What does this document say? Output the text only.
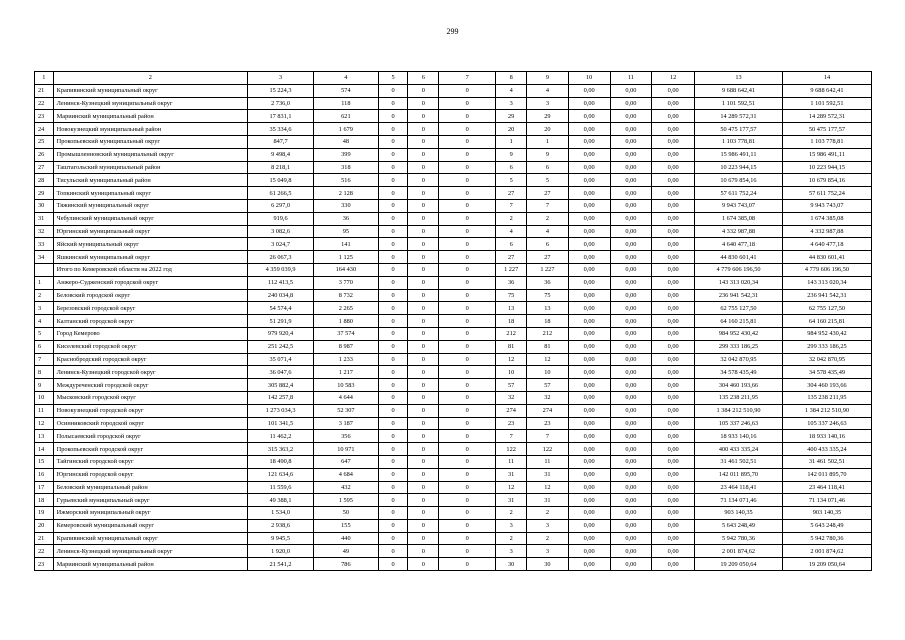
299
1	2	3	4	5	6	7	8	9	10	11	12	13	14
21	Крапивинский муниципальный округ	15 224,3	574	0	0	0	4	4	0,00	0,00	0,00	9 688 642,41	9 688 642,41
22	Ленинск-Кузнецкий муниципальный округ	2 736,0	118	0	0	0	3	3	0,00	0,00	0,00	1 101 592,51	1 101 592,51
23	Мариинский муниципальный район	17 831,1	621	0	0	0	29	29	0,00	0,00	0,00	14 289 572,31	14 289 572,31
24	Новокузнецкий муниципальный район	35 334,6	1 679	0	0	0	20	20	0,00	0,00	0,00	50 475 177,57	50 475 177,57
25	Прокопьевский муниципальный округ	847,7	48	0	0	0	1	1	0,00	0,00	0,00	1 103 778,81	1 103 778,81
26	Промышленновский муниципальный округ	9 498,4	399	0	0	0	9	9	0,00	0,00	0,00	15 986 491,11	15 986 491,11
27	Таштагольский муниципальный район	8 218,1	318	0	0	0	6	6	0,00	0,00	0,00	10 223 944,15	10 223 944,15
28	Тисульский муниципальный район	15 049,8	516	0	0	0	5	5	0,00	0,00	0,00	10 679 854,16	10 679 854,16
29	Топкинский муниципальный округ	61 266,5	2 128	0	0	0	27	27	0,00	0,00	0,00	57 611 752,24	57 611 752,24
30	Тяжинский муниципальный округ	6 297,0	330	0	0	0	7	7	0,00	0,00	0,00	9 943 743,07	9 943 743,07
31	Чебулинский муниципальный округ	919,6	36	0	0	0	2	2	0,00	0,00	0,00	1 674 385,08	1 674 385,08
32	Юргинский муниципальный округ	3 082,6	95	0	0	0	4	4	0,00	0,00	0,00	4 332 987,88	4 332 987,88
33	Яйский муниципальный округ	3 024,7	141	0	0	0	6	6	0,00	0,00	0,00	4 640 477,18	4 640 477,18
34	Яшкинский муниципальный округ	26 067,3	1 125	0	0	0	27	27	0,00	0,00	0,00	44 830 601,41	44 830 601,41
	Итого по Кемеровской области на 2022 год	4 359 039,9	164 430	0	0	0	1 227	1 227	0,00	0,00	0,00	4 779 606 196,50	4 779 606 196,50
1	Анжеро-Судженский городской округ	112 413,5	3 770	0	0	0	36	36	0,00	0,00	0,00	143 313 020,34	143 313 020,34
2	Беловский городской округ	240 034,8	8 732	0	0	0	75	75	0,00	0,00	0,00	236 941 542,31	236 941 542,31
3	Березовский городской округ	54 574,4	2 265	0	0	0	13	13	0,00	0,00	0,00	62 755 127,50	62 755 127,50
4	Калтанский городской округ	51 291,9	1 880	0	0	0	18	18	0,00	0,00	0,00	64 160 215,81	64 160 215,81
5	Город Кемерово	979 920,4	37 574	0	0	0	212	212	0,00	0,00	0,00	984 952 430,42	984 952 430,42
6	Киселевский городской округ	251 242,5	8 987	0	0	0	81	81	0,00	0,00	0,00	299 333 186,25	299 333 186,25
7	Краснобродский городской округ	35 071,4	1 233	0	0	0	12	12	0,00	0,00	0,00	32 042 870,95	32 042 870,95
8	Ленинск-Кузнецкий городской округ	36 047,6	1 217	0	0	0	10	10	0,00	0,00	0,00	34 578 435,49	34 578 435,49
9	Междуреченский городской округ	305 882,4	10 583	0	0	0	57	57	0,00	0,00	0,00	304 460 193,66	304 460 193,66
10	Мысковский городской округ	142 257,8	4 644	0	0	0	32	32	0,00	0,00	0,00	135 238 211,95	135 238 211,95
11	Новокузнецкий городской округ	1 273 034,3	52 307	0	0	0	274	274	0,00	0,00	0,00	1 384 212 510,90	1 384 212 510,90
12	Осинниковский городской округ	101 341,5	3 187	0	0	0	23	23	0,00	0,00	0,00	105 337 246,63	105 337 246,63
13	Полысаевский городской округ	11 462,2	356	0	0	0	7	7	0,00	0,00	0,00	18 933 140,16	18 933 140,16
14	Прокопьевский городской округ	315 363,2	10 971	0	0	0	122	122	0,00	0,00	0,00	400 433 335,24	400 433 335,24
15	Тайгинский городской округ	18 490,8	647	0	0	0	11	11	0,00	0,00	0,00	31 461 502,51	31 461 502,51
16	Юргинский городской округ	121 634,6	4 684	0	0	0	31	31	0,00	0,00	0,00	142 011 895,70	142 011 895,70
17	Беловский муниципальный район	11 559,6	432	0	0	0	12	12	0,00	0,00	0,00	23 464 118,41	23 464 118,41
18	Гурьевский муниципальный округ	49 388,1	1 595	0	0	0	31	31	0,00	0,00	0,00	71 134 071,46	71 134 071,46
19	Ижморский муниципальный округ	1 534,0	50	0	0	0	2	2	0,00	0,00	0,00	903 140,35	903 140,35
20	Кемеровский муниципальный округ	2 938,6	155	0	0	0	3	3	0,00	0,00	0,00	5 643 248,49	5 643 248,49
21	Крапивинский муниципальный округ	9 945,5	440	0	0	0	2	2	0,00	0,00	0,00	5 942 780,36	5 942 780,36
22	Ленинск-Кузнецкий муниципальный округ	1 920,0	49	0	0	0	3	3	0,00	0,00	0,00	2 001 874,62	2 001 874,62
23	Мариинский муниципальный район	21 541,2	786	0	0	0	30	30	0,00	0,00	0,00	19 209 050,64	19 209 050,64
